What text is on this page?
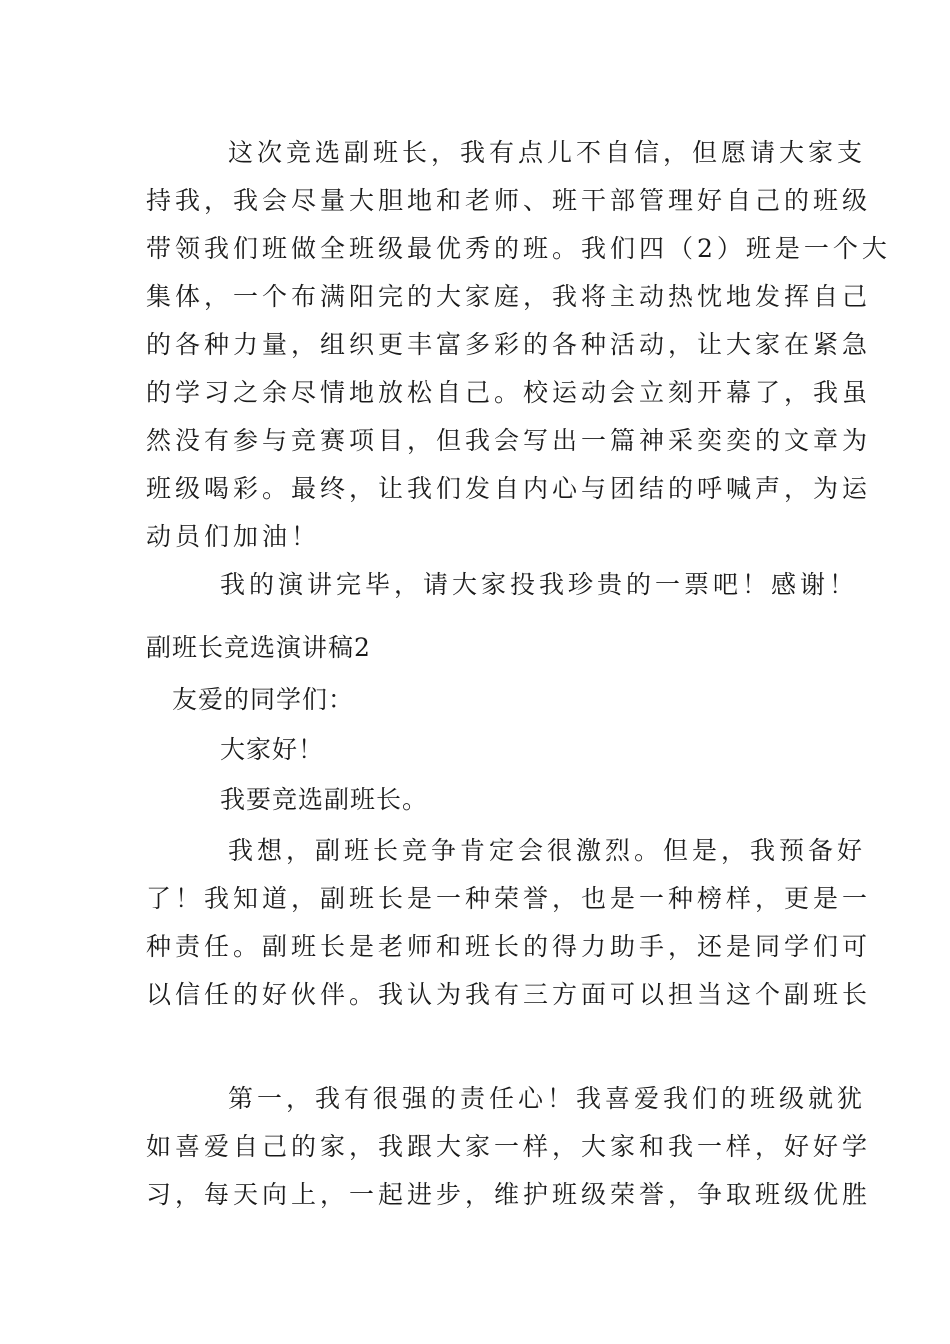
这次竞选副班长，我有点儿不自信，但愿请大家支
持我，我会尽量大胆地和老师、班干部管理好自己的班级
带领我们班做全班级最优秀的班。我们四（2）班是一个大
集体，一个布满阳完的大家庭，我将主动热忱地发挥自己
的各种力量，组织更丰富多彩的各种活动，让大家在紧急
的学习之余尽情地放松自己。校运动会立刻开幕了，我虽
然没有参与竞赛项目，但我会写出一篇神采奕奕的文章为
班级喝彩。最终，让我们发自内心与团结的呼喊声，为运
动员们加油！
我的演讲完毕，请大家投我珍贵的一票吧！感谢！
副班长竞选演讲稿2
友爱的同学们：
大家好！
我要竞选副班长。
我想，副班长竞争肯定会很激烈。但是，我预备好
了！我知道，副班长是一种荣誉，也是一种榜样，更是一
种责任。副班长是老师和班长的得力助手，还是同学们可
以信任的好伙伴。我认为我有三方面可以担当这个副班长
第一，我有很强的责任心！我喜爱我们的班级就犹
如喜爱自己的家，我跟大家一样，大家和我一样，好好学
习，每天向上，一起进步，维护班级荣誉，争取班级优胜
